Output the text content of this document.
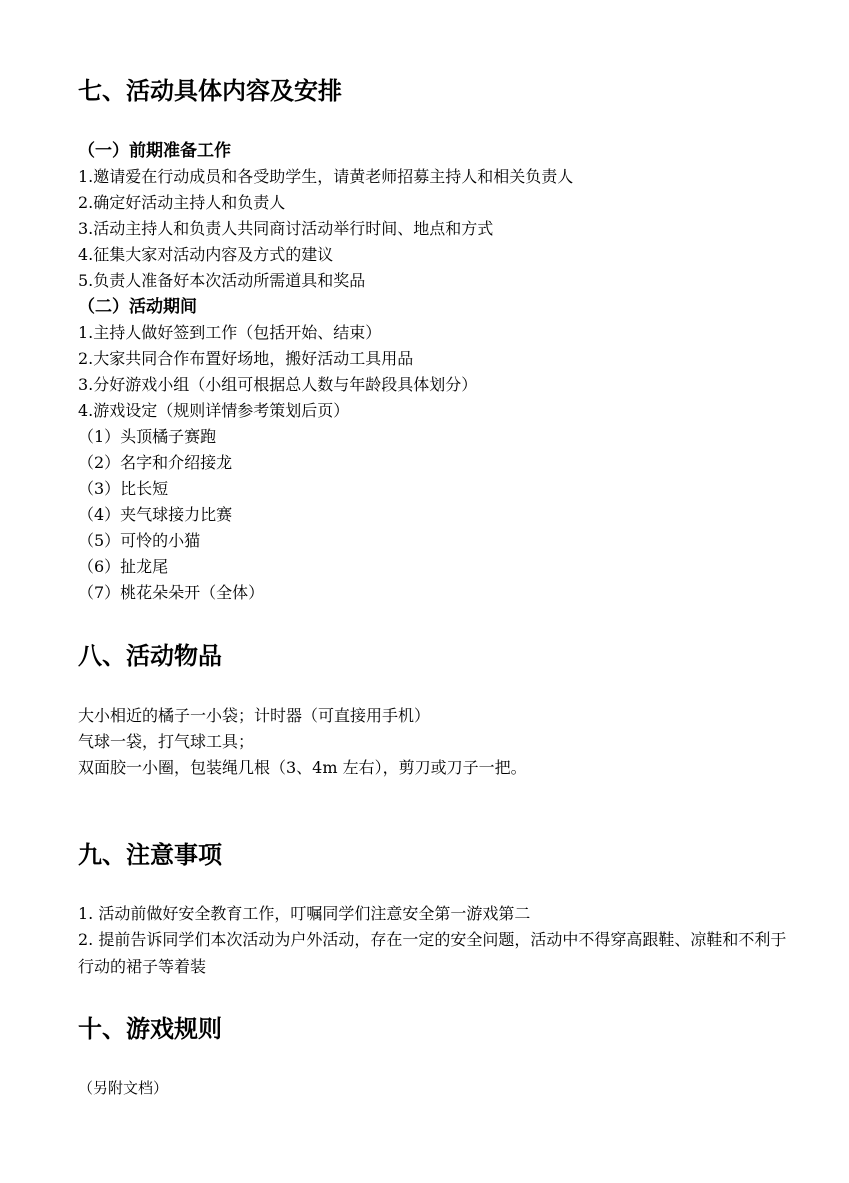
七、活动具体内容及安排
（一）前期准备工作
1.邀请爱在行动成员和各受助学生，请黄老师招募主持人和相关负责人
2.确定好活动主持人和负责人
3.活动主持人和负责人共同商讨活动举行时间、地点和方式
4.征集大家对活动内容及方式的建议
5.负责人准备好本次活动所需道具和奖品
（二）活动期间
1.主持人做好签到工作（包括开始、结束）
2.大家共同合作布置好场地，搬好活动工具用品
3.分好游戏小组（小组可根据总人数与年龄段具体划分）
4.游戏设定（规则详情参考策划后页）
（1）头顶橘子赛跑
（2）名字和介绍接龙
（3）比长短
（4）夹气球接力比赛
（5）可怜的小猫
（6）扯龙尾
（7）桃花朵朵开（全体）
八、活动物品
大小相近的橘子一小袋；计时器（可直接用手机）
气球一袋，打气球工具；
双面胶一小圈，包装绳几根（3、4m 左右），剪刀或刀子一把。
九、注意事项
1. 活动前做好安全教育工作，叮嘱同学们注意安全第一游戏第二
2. 提前告诉同学们本次活动为户外活动，存在一定的安全问题，活动中不得穿高跟鞋、凉鞋和不利于行动的裙子等着装
十、游戏规则
（另附文档）
